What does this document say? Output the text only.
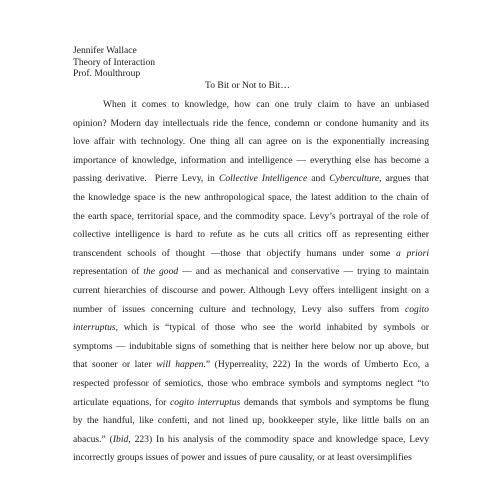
Jennifer Wallace
Theory of Interaction
Prof. Moulthroup
To Bit or Not to Bit…
When it comes to knowledge, how can one truly claim to have an unbiased
opinion? Modern day intellectuals ride the fence, condemn or condone humanity and its
love affair with technology. One thing all can agree on is the exponentially increasing
importance of knowledge, information and intelligence — everything else has become a
passing derivative.  Pierre Levy, in Collective Intelligence and Cyberculture, argues that
the knowledge space is the new anthropological space, the latest addition to the chain of
the earth space, territorial space, and the commodity space. Levy’s portrayal of the role of
collective intelligence is hard to refute as he cuts all critics off as representing either
transcendent schools of thought —those that objectify humans under some a priori
representation of the good — and as mechanical and conservative — trying to maintain
current hierarchies of discourse and power. Although Levy offers intelligent insight on a
number of issues concerning culture and technology, Levy also suffers from cogito
interruptus, which is “typical of those who see the world inhabited by symbols or
symptoms — indubitable signs of something that is neither here below nor up above, but
that sooner or later will happen.” (Hyperreality, 222) In the words of Umberto Eco, a
respected professor of semiotics, those who embrace symbols and symptoms neglect “to
articulate equations, for cogito interruptus demands that symbols and symptoms be flung
by the handful, like confetti, and not lined up, bookkeeper style, like little balls on an
abacus.” (Ibid, 223) In his analysis of the commodity space and knowledge space, Levy
incorrectly groups issues of power and issues of pure causality, or at least oversimplifies
